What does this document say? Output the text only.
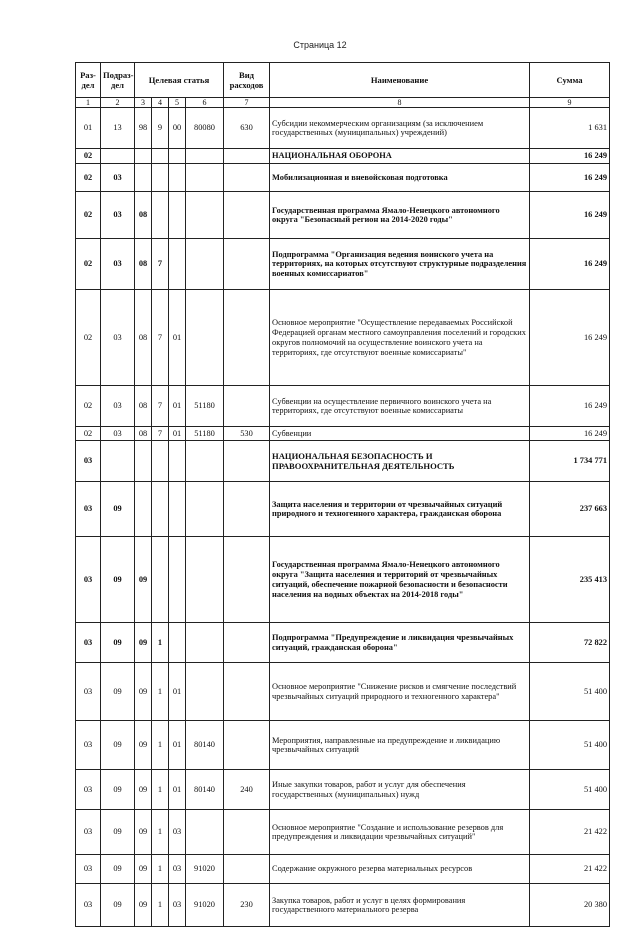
Страница 12
Раз-дел	Подраз-дел	Целевая статья				Вид расходов	Наименование	Сумма

1	2	3	4	5	6	7	8	9
01	13	98	9	00	80080	630	Субсидии некоммерческим организациям (за исключением государственных (муниципальных) учреждений)	1 631
02							НАЦИОНАЛЬНАЯ ОБОРОНА	16 249
02	03						Мобилизационная и вневойсковая подготовка	16 249
02	03	08					Государственная программа Ямало-Ненецкого автономного округа "Безопасный регион на 2014-2020 годы"	16 249
02	03	08	7				Подпрограмма "Организация ведения воинского учета на территориях, на которых отсутствуют структурные подразделения военных комиссариатов"	16 249
02	03	08	7	01			Основное мероприятие "Осуществление передаваемых Российской Федерацией органам местного самоуправления поселений и городских округов полномочий на осуществление воинского учета на территориях, где отсутствуют военные комиссариаты"	16 249
02	03	08	7	01	51180		Субвенции на осуществление первичного воинского учета на территориях, где отсутствуют военные комиссариаты	16 249
02	03	08	7	01	51180	530	Субвенции	16 249
03							НАЦИОНАЛЬНАЯ БЕЗОПАСНОСТЬ И ПРАВООХРАНИТЕЛЬНАЯ ДЕЯТЕЛЬНОСТЬ	1 734 771
03	09						Защита населения и территории от чрезвычайных ситуаций природного и техногенного характера, гражданская оборона	237 663
03	09	09					Государственная программа Ямало-Ненецкого автономного округа "Защита населения и территорий от чрезвычайных ситуаций, обеспечение пожарной безопасности и безопасности населения на водных объектах на 2014-2018 годы"	235 413
03	09	09	1				Подпрограмма "Предупреждение и ликвидация чрезвычайных ситуаций, гражданская оборона"	72 822
03	09	09	1	01			Основное мероприятие "Снижение рисков и смягчение последствий чрезвычайных ситуаций природного и техногенного характера"	51 400
03	09	09	1	01	80140		Мероприятия, направленные на предупреждение и ликвидацию чрезвычайных ситуаций	51 400
03	09	09	1	01	80140	240	Иные закупки товаров, работ и услуг для обеспечения государственных (муниципальных) нужд	51 400
03	09	09	1	03			Основное мероприятие "Создание и использование резервов для предупреждения и ликвидации чрезвычайных ситуаций"	21 422
03	09	09	1	03	91020		Содержание окружного резерва материальных ресурсов	21 422
03	09	09	1	03	91020	230	Закупка товаров, работ и услуг в целях формирования государственного материального резерва	20 380
